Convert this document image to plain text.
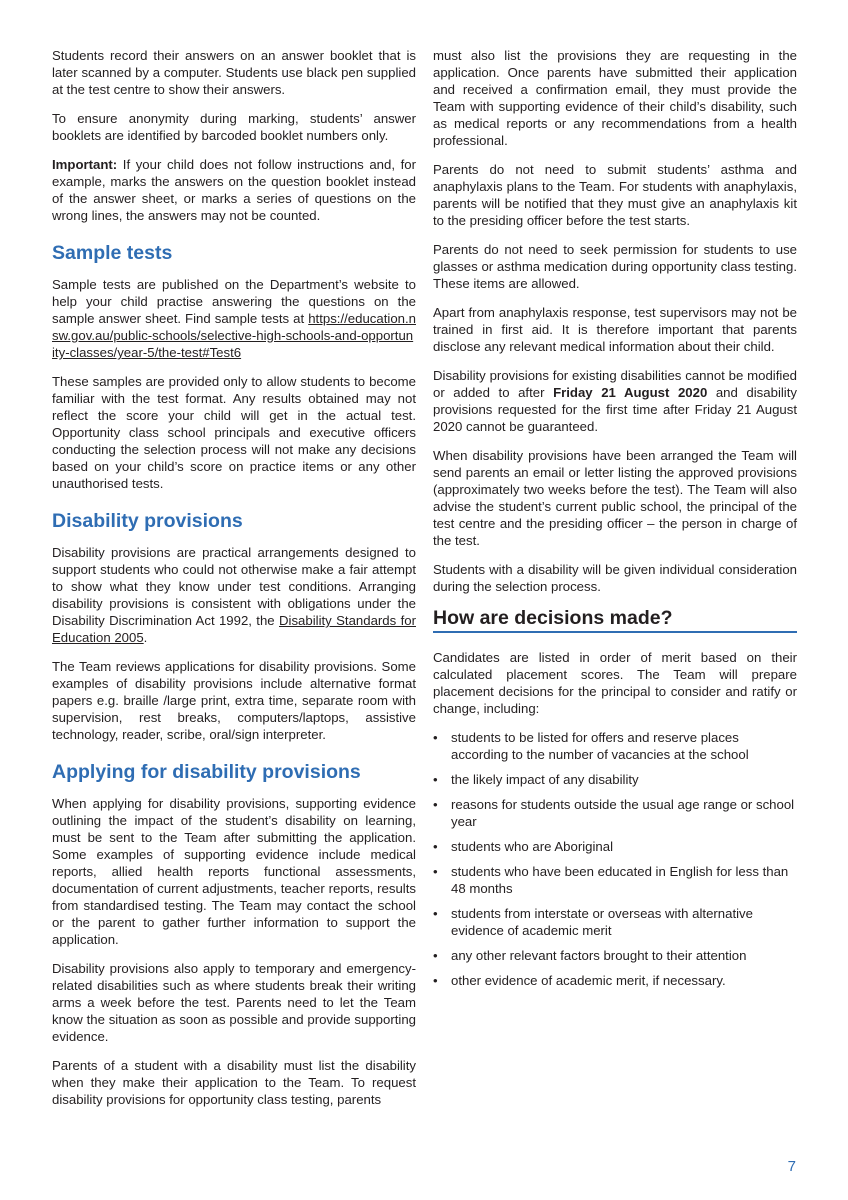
Students record their answers on an answer booklet that is later scanned by a computer. Students use black pen supplied at the test centre to show their answers.

To ensure anonymity during marking, students’ answer booklets are identified by barcoded booklet numbers only.

Important: If your child does not follow instructions and, for example, marks the answers on the question booklet instead of the answer sheet, or marks a series of questions on the wrong lines, the answers may not be counted.

Sample tests

Sample tests are published on the Department’s website to help your child practise answering the questions on the sample answer sheet. Find sample tests at https://education.nsw.gov.au/public-schools/selective-high-schools-and-opportunity-classes/year-5/the-test#Test6

These samples are provided only to allow students to become familiar with the test format. Any results obtained may not reflect the score your child will get in the actual test. Opportunity class school principals and executive officers conducting the selection process will not make any decisions based on your child’s score on practice items or any other unauthorised tests.

Disability provisions

Disability provisions are practical arrangements designed to support students who could not otherwise make a fair attempt to show what they know under test conditions. Arranging disability provisions is consistent with obligations under the Disability Discrimination Act 1992, the Disability Standards for Education 2005.

The Team reviews applications for disability provisions. Some examples of disability provisions include alternative format papers e.g. braille /large print, extra time, separate room with supervision, rest breaks, computers/laptops, assistive technology, reader, scribe, oral/sign interpreter.

Applying for disability provisions

When applying for disability provisions, supporting evidence outlining the impact of the student’s disability on learning, must be sent to the Team after submitting the application. Some examples of supporting evidence include medical reports, allied health reports functional assessments, documentation of current adjustments, teacher reports, results from standardised testing. The Team may contact the school or the parent to gather further information to support the application.

Disability provisions also apply to temporary and emergency-related disabilities such as where students break their writing arms a week before the test. Parents need to let the Team know the situation as soon as possible and provide supporting evidence.

Parents of a student with a disability must list the disability when they make their application to the Team. To request disability provisions for opportunity class testing, parents

must also list the provisions they are requesting in the application. Once parents have submitted their application and received a confirmation email, they must provide the Team with supporting evidence of their child’s disability, such as medical reports or any recommendations from a health professional.

Parents do not need to submit students’ asthma and anaphylaxis plans to the Team. For students with anaphylaxis, parents will be notified that they must give an anaphylaxis kit to the presiding officer before the test starts.

Parents do not need to seek permission for students to use glasses or asthma medication during opportunity class testing. These items are allowed.

Apart from anaphylaxis response, test supervisors may not be trained in first aid. It is therefore important that parents disclose any relevant medical information about their child.

Disability provisions for existing disabilities cannot be modified or added to after Friday 21 August 2020 and disability provisions requested for the first time after Friday 21 August 2020 cannot be guaranteed.

When disability provisions have been arranged the Team will send parents an email or letter listing the approved provisions (approximately two weeks before the test). The Team will also advise the student’s current public school, the principal of the test centre and the presiding officer – the person in charge of the test.

Students with a disability will be given individual consideration during the selection process.

How are decisions made?

Candidates are listed in order of merit based on their calculated placement scores. The Team will prepare placement decisions for the principal to consider and ratify or change, including:

• students to be listed for offers and reserve places according to the number of vacancies at the school
• the likely impact of any disability
• reasons for students outside the usual age range or school year
• students who are Aboriginal
• students who have been educated in English for less than 48 months
• students from interstate or overseas with alternative evidence of academic merit
• any other relevant factors brought to their attention
• other evidence of academic merit, if necessary.
7
